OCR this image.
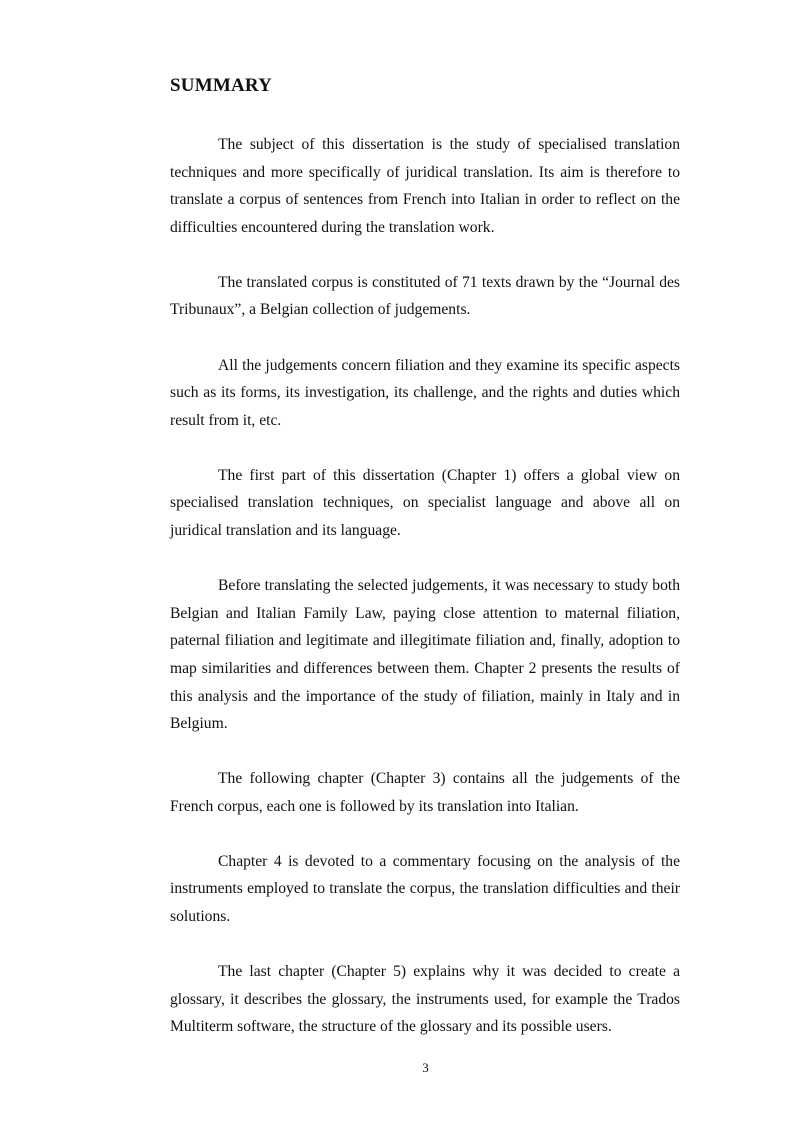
SUMMARY

The subject of this dissertation is the study of specialised translation techniques and more specifically of juridical translation. Its aim is therefore to translate a corpus of sentences from French into Italian in order to reflect on the difficulties encountered during the translation work.

The translated corpus is constituted of 71 texts drawn by the “Journal des Tribunaux”, a Belgian collection of judgements.

All the judgements concern filiation and they examine its specific aspects such as its forms, its investigation, its challenge, and the rights and duties which result from it, etc.

The first part of this dissertation (Chapter 1) offers a global view on specialised translation techniques, on specialist language and above all on juridical translation and its language.

Before translating the selected judgements, it was necessary to study both Belgian and Italian Family Law, paying close attention to maternal filiation, paternal filiation and legitimate and illegitimate filiation and, finally, adoption to map similarities and differences between them. Chapter 2 presents the results of this analysis and the importance of the study of filiation, mainly in Italy and in Belgium.

The following chapter (Chapter 3) contains all the judgements of the French corpus, each one is followed by its translation into Italian.

Chapter 4 is devoted to a commentary focusing on the analysis of the instruments employed to translate the corpus, the translation difficulties and their solutions.

The last chapter (Chapter 5) explains why it was decided to create a glossary, it describes the glossary, the instruments used, for example the Trados Multiterm software, the structure of the glossary and its possible users.

3
